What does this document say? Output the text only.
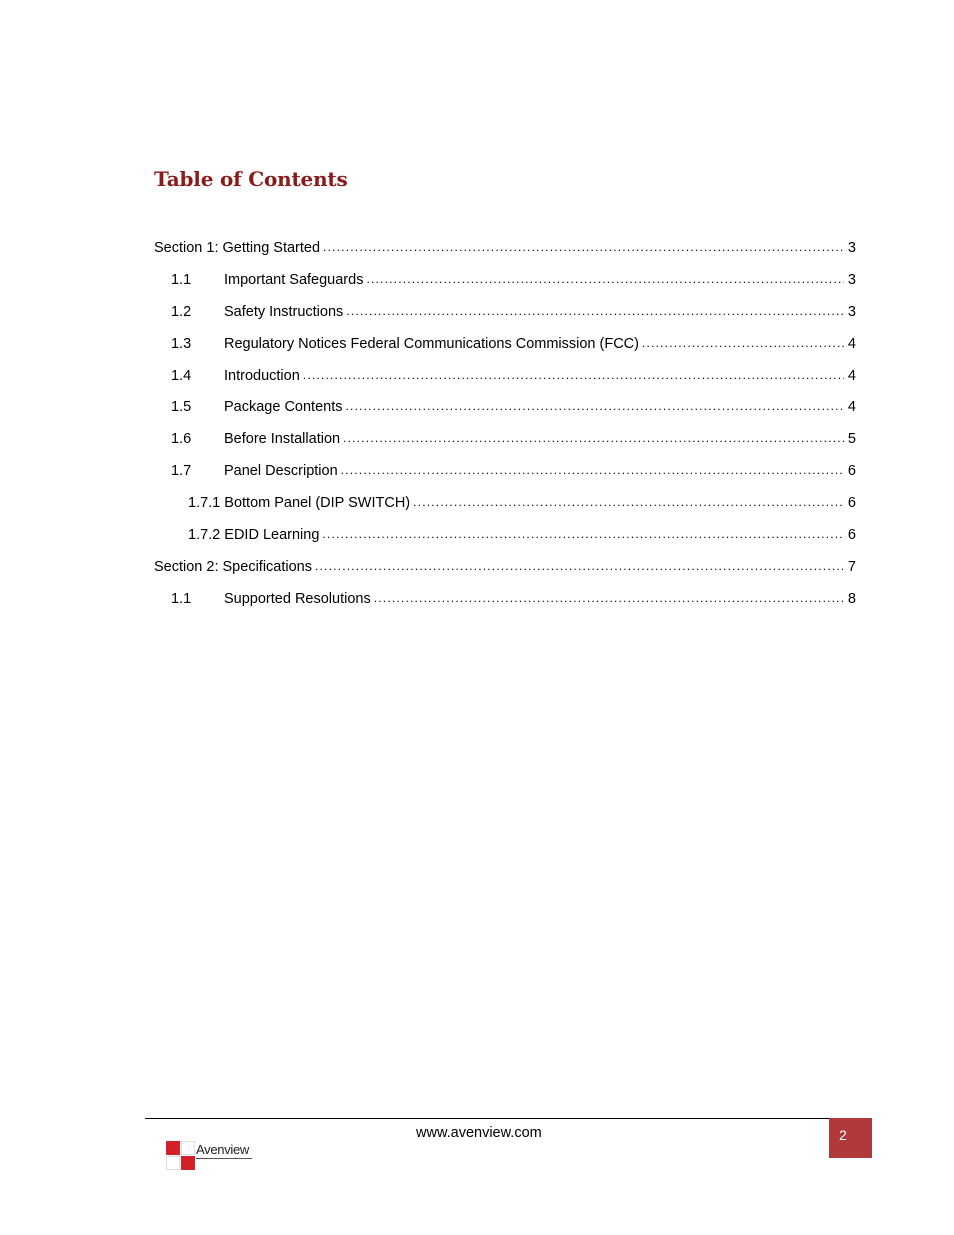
Table of Contents
Section 1: Getting Started .....	3
1.1	Important Safeguards .....	3
1.2	Safety Instructions .....	3
1.3	Regulatory Notices Federal Communications Commission (FCC) .....	4
1.4	Introduction .....	4
1.5	Package Contents .....	4
1.6	Before Installation .....	5
1.7	Panel Description .....	6
1.7.1 Bottom Panel (DIP SWITCH) .....	6
1.7.2 EDID Learning .....	6
Section 2: Specifications .....	7
1.1	Supported Resolutions .....	8
Avenview
www.avenview.com	2
